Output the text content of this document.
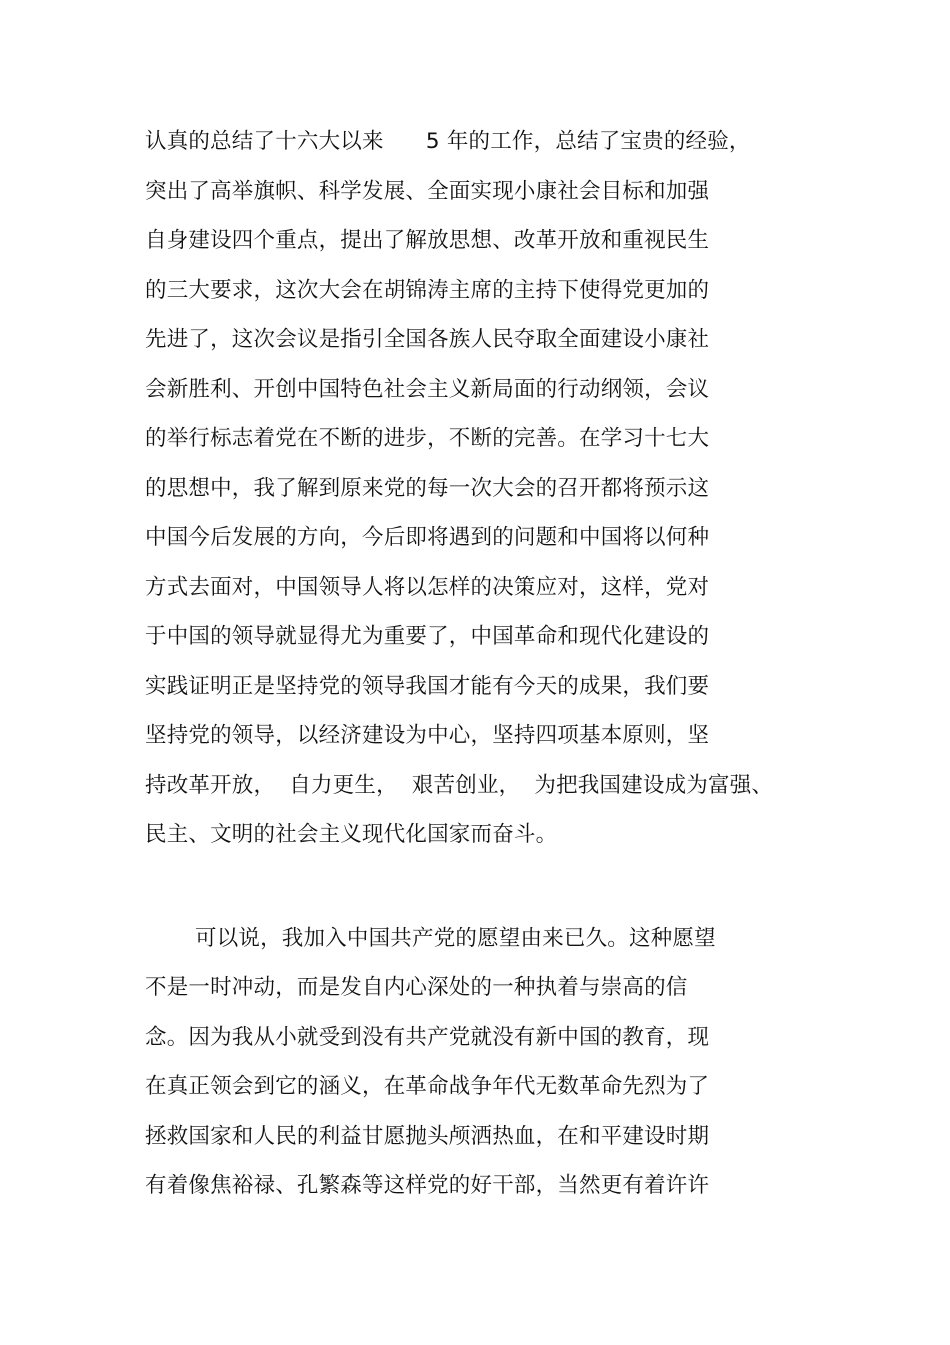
认真的总结了十六大以来      5 年的工作，总结了宝贵的经验，
突出了高举旗帜、科学发展、全面实现小康社会目标和加强
自身建设四个重点，提出了解放思想、改革开放和重视民生
的三大要求，这次大会在胡锦涛主席的主持下使得党更加的
先进了，这次会议是指引全国各族人民夺取全面建设小康社
会新胜利、开创中国特色社会主义新局面的行动纲领，会议
的举行标志着党在不断的进步，不断的完善。在学习十七大
的思想中，我了解到原来党的每一次大会的召开都将预示这
中国今后发展的方向，今后即将遇到的问题和中国将以何种
方式去面对，中国领导人将以怎样的决策应对，这样，党对
于中国的领导就显得尤为重要了，中国革命和现代化建设的
实践证明正是坚持党的领导我国才能有今天的成果，我们要
坚持党的领导，以经济建设为中心，坚持四项基本原则，坚
持改革开放，  自力更生，  艰苦创业，  为把我国建设成为富强、
民主、文明的社会主义现代化国家而奋斗。
可以说，我加入中国共产党的愿望由来已久。这种愿望
不是一时冲动，而是发自内心深处的一种执着与崇高的信
念。因为我从小就受到没有共产党就没有新中国的教育，现
在真正领会到它的涵义，在革命战争年代无数革命先烈为了
拯救国家和人民的利益甘愿抛头颅洒热血，在和平建设时期
有着像焦裕禄、孔繁森等这样党的好干部，当然更有着许许
